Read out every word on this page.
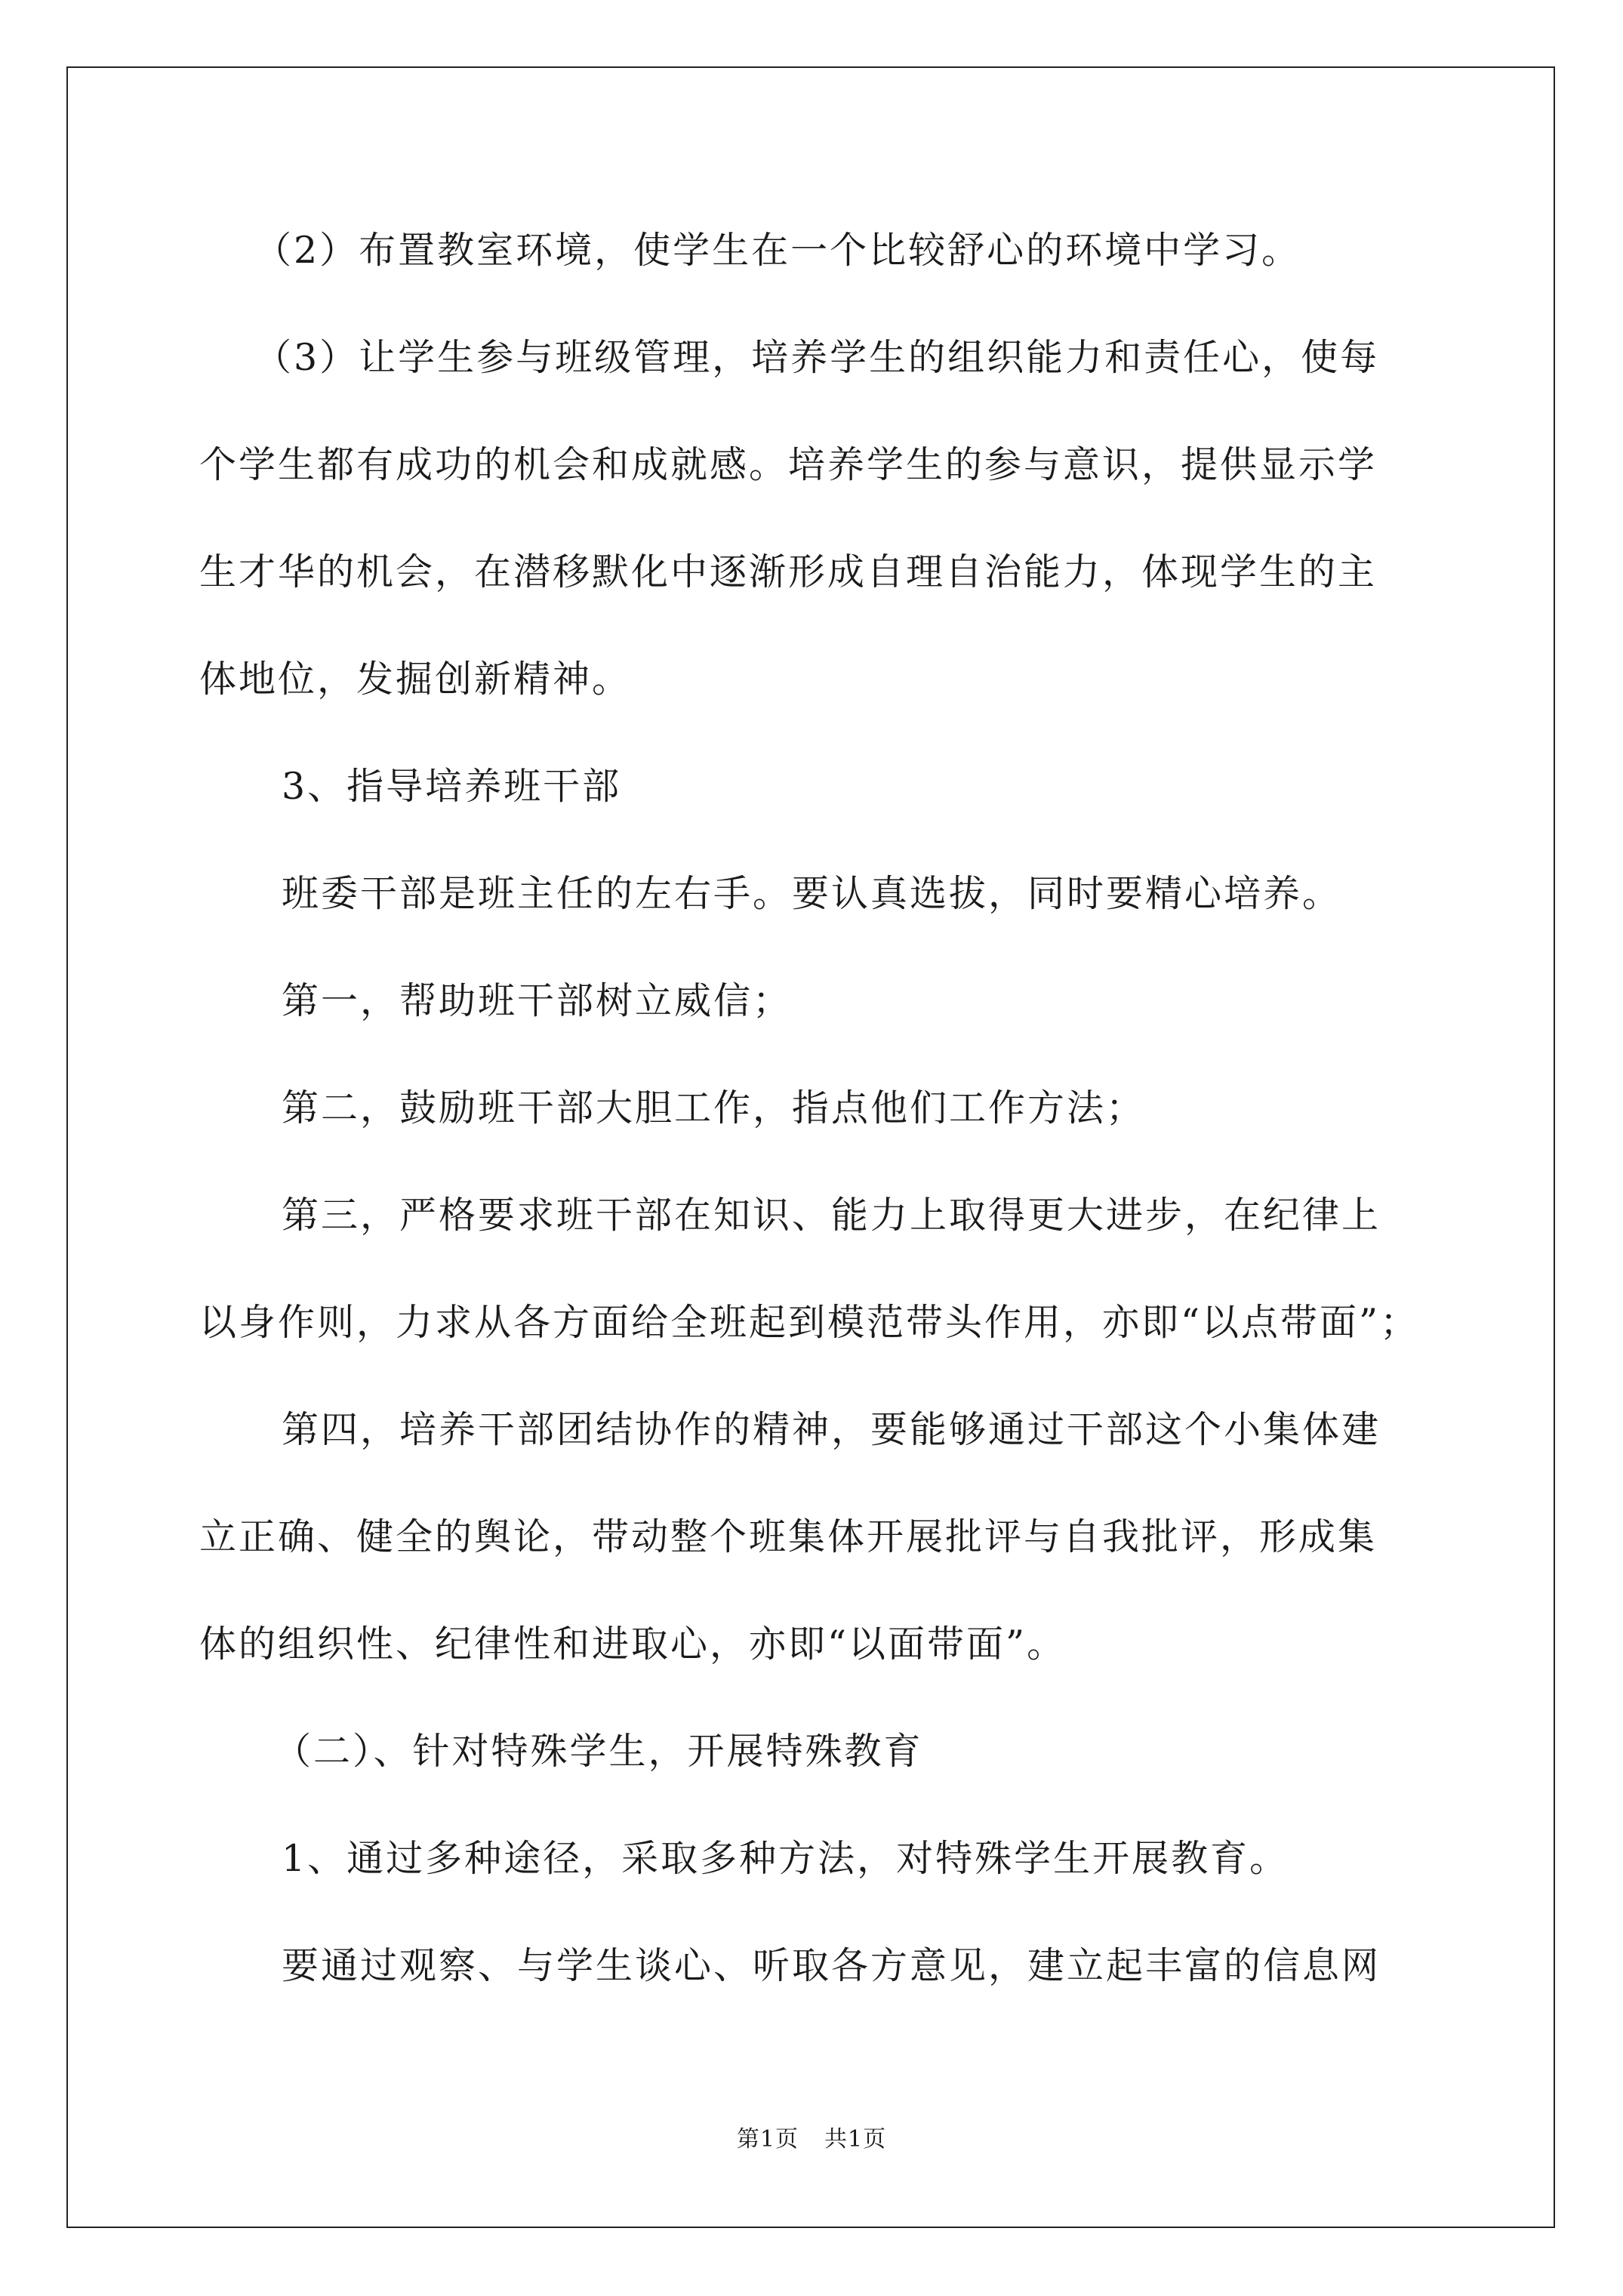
（2）布置教室环境，使学生在一个比较舒心的环境中学习。
（3）让学生参与班级管理，培养学生的组织能力和责任心，使每
个学生都有成功的机会和成就感。培养学生的参与意识，提供显示学
生才华的机会，在潜移默化中逐渐形成自理自治能力，体现学生的主
体地位，发掘创新精神。
3、指导培养班干部
班委干部是班主任的左右手。要认真选拔，同时要精心培养。
第一，帮助班干部树立威信；
第二，鼓励班干部大胆工作，指点他们工作方法；
第三，严格要求班干部在知识、能力上取得更大进步，在纪律上
以身作则，力求从各方面给全班起到模范带头作用，亦即“以点带面”；
第四，培养干部团结协作的精神，要能够通过干部这个小集体建
立正确、健全的舆论，带动整个班集体开展批评与自我批评，形成集
体的组织性、纪律性和进取心，亦即“以面带面”。
（二）、针对特殊学生，开展特殊教育
1、通过多种途径，采取多种方法，对特殊学生开展教育。
要通过观察、与学生谈心、听取各方意见，建立起丰富的信息网
第1页 共1页
